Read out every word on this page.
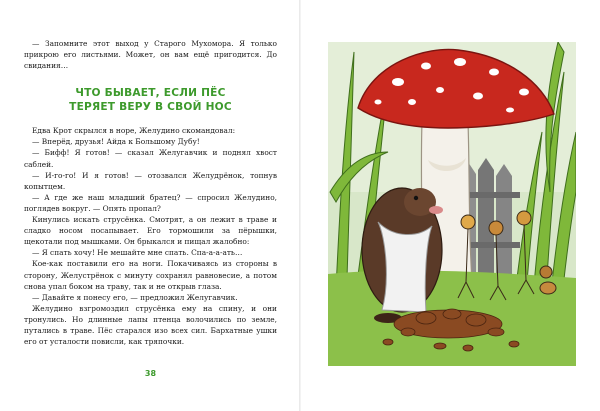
— Запомните этот выход у Старого Мухомора. Я только прикрою его листьями. Может, он вам ещё пригодится. До свидания…

ЧТО БЫВАЕТ, ЕСЛИ ПЁС
ТЕРЯЕТ ВЕРУ В СВОЙ НОС

Едва Крот скрылся в норе, Желудино скомандовал:

— Вперёд, друзья! Айда к Большому Дубу!

— Бифф! Я готов! — сказал Желугавчик и поднял хвост саблей.

— И-го-го! И я готов! — отозвался Желудрёнок, топнув копытцем.

— А где же наш младший братец? — спросил Желудино, поглядев вокруг. — Опять пропал?

Кинулись искать струсёнка. Смотрят, а он лежит в траве и сладко носом посапывает. Его тормошили за пёрышки, щекотали под мышками. Он брыкался и пищал жалобно:

— Я спать хочу! Не мешайте мне спать. Спа-а-а-ать…

Кое-как поставили его на ноги. Покачиваясь из стороны в сторону, Желустрёнок с минуту сохранял равновесие, а потом снова упал боком на траву, так и не открыв глаза.

— Давайте я понесу его, — предложил Желугавчик.

Желудино взгромоздил струсёнка ему на спину, и они тронулись. Но длинные лапы птенца волочились по земле, путались в траве. Пёс старался изо всех сил. Бархатные ушки его от усталости повисли, как тряпочки.

38
